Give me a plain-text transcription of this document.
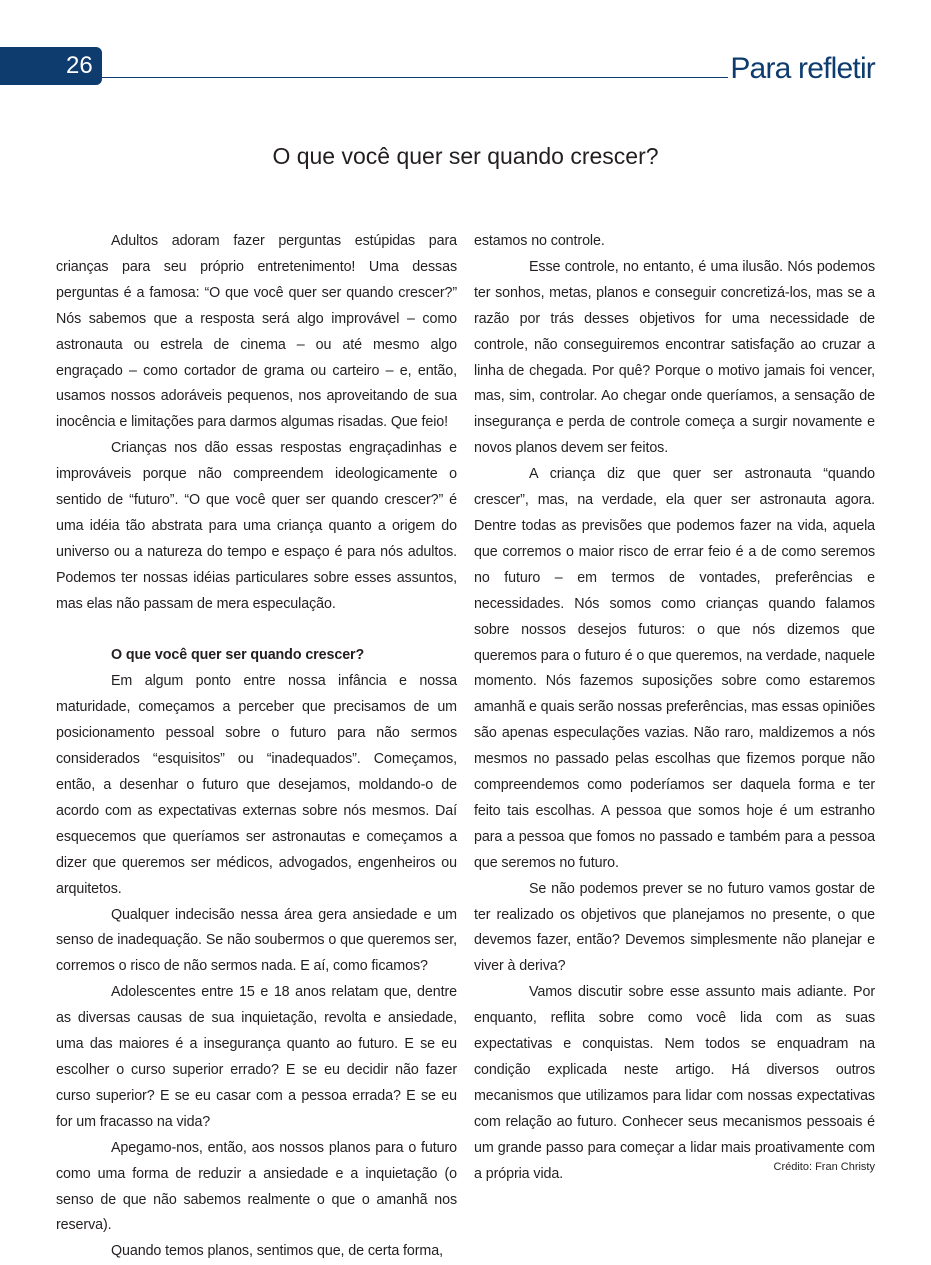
26	Para refletir
O que você quer ser quando crescer?

Adultos adoram fazer perguntas estúpidas para crianças para seu próprio entretenimento! Uma dessas perguntas é a famosa: “O que você quer ser quando crescer?” Nós sabemos que a resposta será algo improvável – como astronauta ou estrela de cinema – ou até mesmo algo engraçado – como cortador de grama ou carteiro – e, então, usamos nossos adoráveis pequenos, nos aproveitando de sua inocência e limitações para darmos algumas risadas. Que feio!

Crianças nos dão essas respostas engraçadinhas e improváveis porque não compreendem ideologicamente o sentido de “futuro”. “O que você quer ser quando crescer?” é uma idéia tão abstrata para uma criança quanto a origem do universo ou a natureza do tempo e espaço é para nós adultos. Podemos ter nossas idéias particulares sobre esses assuntos, mas elas não passam de mera especulação.

O que você quer ser quando crescer?

Em algum ponto entre nossa infância e nossa maturidade, começamos a perceber que precisamos de um posicionamento pessoal sobre o futuro para não sermos considerados “esquisitos” ou “inadequados”. Começamos, então, a desenhar o futuro que desejamos, moldando-o de acordo com as expectativas externas sobre nós mesmos. Daí esquecemos que queríamos ser astronautas e começamos a dizer que queremos ser médicos, advogados, engenheiros ou arquitetos.

Qualquer indecisão nessa área gera ansiedade e um senso de inadequação. Se não soubermos o que queremos ser, corremos o risco de não sermos nada. E aí, como ficamos?

Adolescentes entre 15 e 18 anos relatam que, dentre as diversas causas de sua inquietação, revolta e ansiedade, uma das maiores é a insegurança quanto ao futuro. E se eu escolher o curso superior errado? E se eu decidir não fazer curso superior? E se eu casar com a pessoa errada? E se eu for um fracasso na vida?

Apegamo-nos, então, aos nossos planos para o futuro como uma forma de reduzir a ansiedade e a inquietação (o senso de que não sabemos realmente o que o amanhã nos reserva).

Quando temos planos, sentimos que, de certa forma,

estamos no controle.

Esse controle, no entanto, é uma ilusão. Nós podemos ter sonhos, metas, planos e conseguir concretizá-los, mas se a razão por trás desses objetivos for uma necessidade de controle, não conseguiremos encontrar satisfação ao cruzar a linha de chegada. Por quê? Porque o motivo jamais foi vencer, mas, sim, controlar. Ao chegar onde queríamos, a sensação de insegurança e perda de controle começa a surgir novamente e novos planos devem ser feitos.

A criança diz que quer ser astronauta “quando crescer”, mas, na verdade, ela quer ser astronauta agora. Dentre todas as previsões que podemos fazer na vida, aquela que corremos o maior risco de errar feio é a de como seremos no futuro – em termos de vontades, preferências e necessidades. Nós somos como crianças quando falamos sobre nossos desejos futuros: o que nós dizemos que queremos para o futuro é o que queremos, na verdade, naquele momento. Nós fazemos suposições sobre como estaremos amanhã e quais serão nossas preferências, mas essas opiniões são apenas especulações vazias. Não raro, maldizemos a nós mesmos no passado pelas escolhas que fizemos porque não compreendemos como poderíamos ser daquela forma e ter feito tais escolhas. A pessoa que somos hoje é um estranho para a pessoa que fomos no passado e também para a pessoa que seremos no futuro.

Se não podemos prever se no futuro vamos gostar de ter realizado os objetivos que planejamos no presente, o que devemos fazer, então? Devemos simplesmente não planejar e viver à deriva?

Vamos discutir sobre esse assunto mais adiante. Por enquanto, reflita sobre como você lida com as suas expectativas e conquistas. Nem todos se enquadram na condição explicada neste artigo. Há diversos outros mecanismos que utilizamos para lidar com nossas expectativas com relação ao futuro. Conhecer seus mecanismos pessoais é um grande passo para começar a lidar mais proativamente com a própria vida.	Crédito: Fran Christy
